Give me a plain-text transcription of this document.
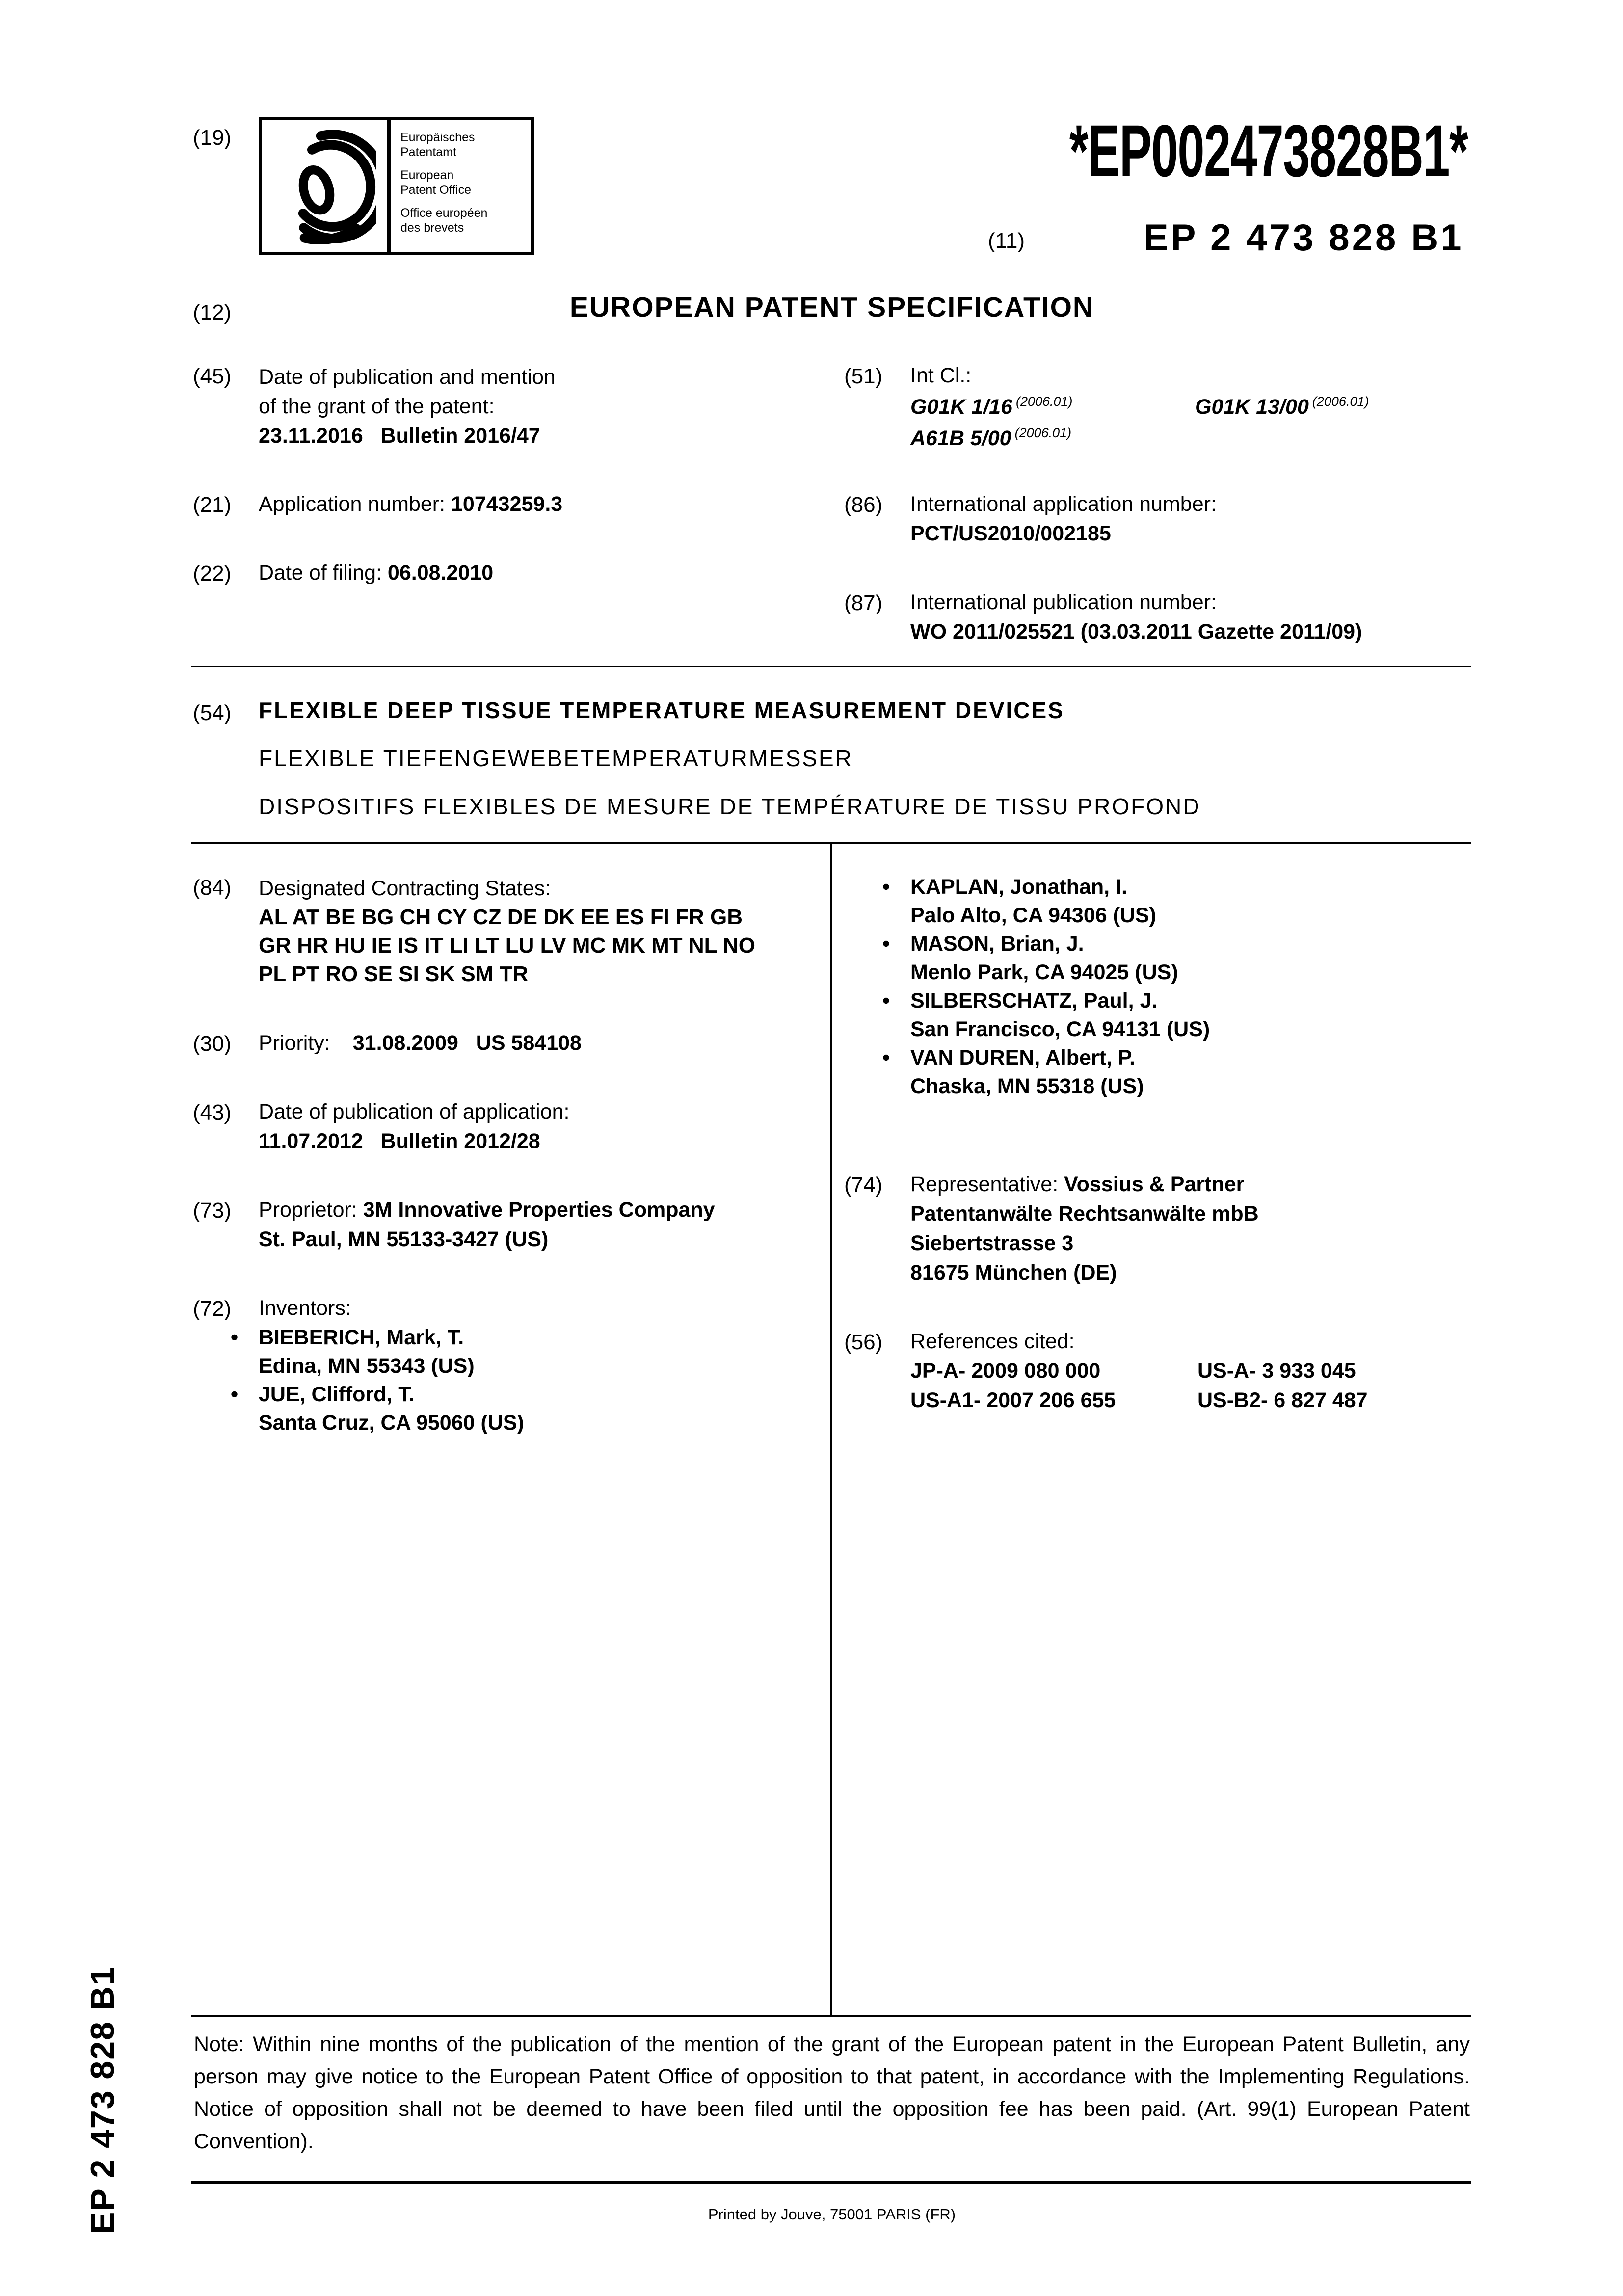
(19)	Europäisches
Patentamt
European
Patent Office
Office européen
des brevets
*EP002473828B1*
(11)	EP 2 473 828 B1
(12)	EUROPEAN PATENT SPECIFICATION
(45) Date of publication and mention
of the grant of the patent:
23.11.2016   Bulletin 2016/47
(21) Application number: 10743259.3
(22) Date of filing: 06.08.2010
(51) Int Cl.:
G01K 1/16 $^{(2006.01)}$	G01K 13/00 $^{(2006.01)}$
A61B 5/00 $^{(2006.01)}$
(86) International application number:
PCT/US2010/002185
(87) International publication number:
WO 2011/025521 (03.03.2011 Gazette 2011/09)
(54) FLEXIBLE DEEP TISSUE TEMPERATURE MEASUREMENT DEVICES
FLEXIBLE TIEFENGEWEBETEMPERATURMESSER
DISPOSITIFS FLEXIBLES DE MESURE DE TEMPÉRATURE DE TISSU PROFOND
(84) Designated Contracting States:
AL AT BE BG CH CY CZ DE DK EE ES FI FR GB
GR HR HU IE IS IT LI LT LU LV MC MK MT NL NO
PL PT RO SE SI SK SM TR
(30) Priority: 31.08.2009   US 584108
(43) Date of publication of application:
11.07.2012   Bulletin 2012/28
(73) Proprietor: 3M Innovative Properties Company
St. Paul, MN 55133-3427 (US)
(72) Inventors:
• BIEBERICH, Mark, T.
Edina, MN 55343 (US)
• JUE, Clifford, T.
Santa Cruz, CA 95060 (US)
• KAPLAN, Jonathan, I.
Palo Alto, CA 94306 (US)
• MASON, Brian, J.
Menlo Park, CA 94025 (US)
• SILBERSCHATZ, Paul, J.
San Francisco, CA 94131 (US)
• VAN DUREN, Albert, P.
Chaska, MN 55318 (US)
(74) Representative: Vossius & Partner
Patentanwälte Rechtsanwälte mbB
Siebertstrasse 3
81675 München (DE)
(56) References cited:
JP-A- 2009 080 000	US-A- 3 933 045
US-A1- 2007 206 655	US-B2- 6 827 487
EP 2 473 828 B1	Note: Within nine months of the publication of the mention of the grant of the European patent in the European Patent Bulletin, any person may give notice to the European Patent Office of opposition to that patent, in accordance with the Implementing Regulations. Notice of opposition shall not be deemed to have been filed until the opposition fee has been paid. (Art. 99(1) European Patent Convention).
Printed by Jouve, 75001 PARIS (FR)
